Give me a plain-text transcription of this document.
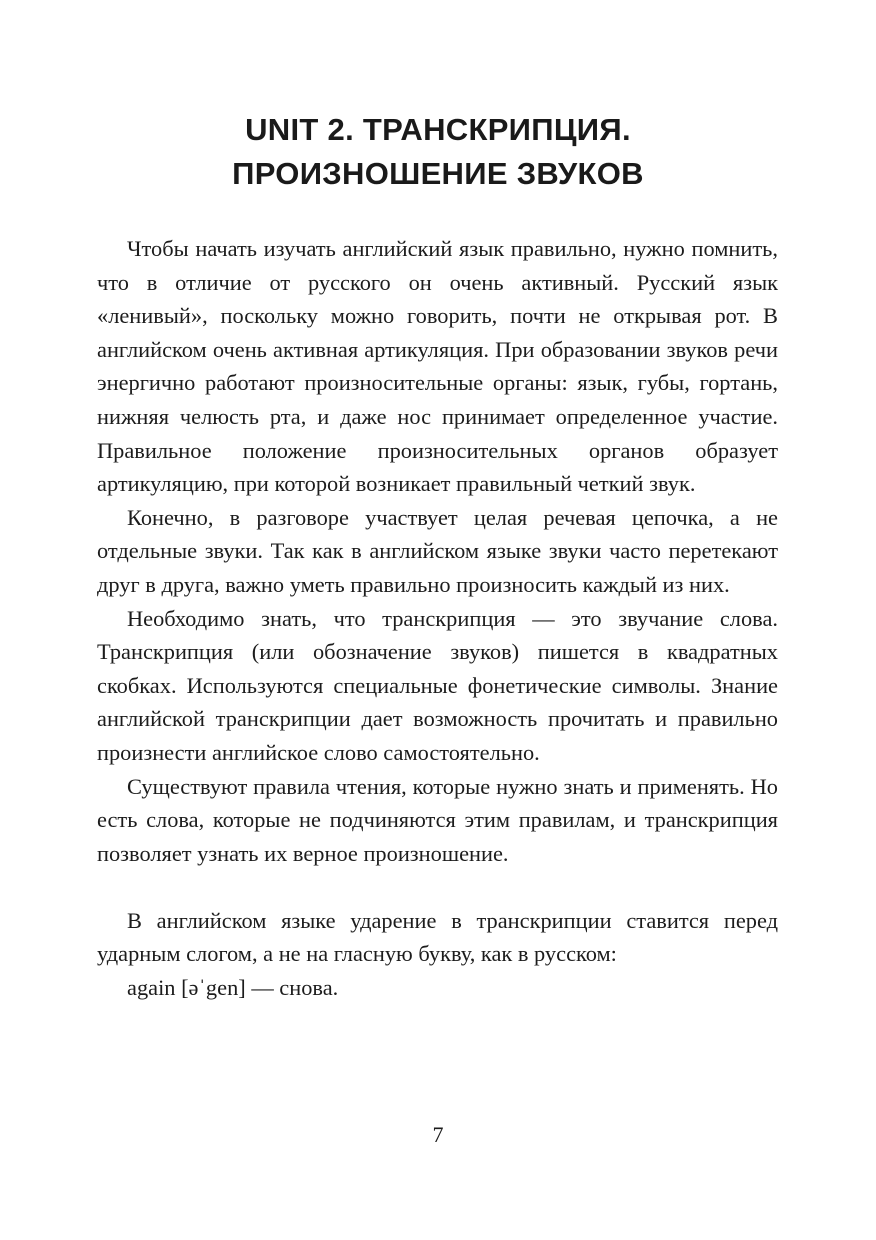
UNIT 2. ТРАНСКРИПЦИЯ.
ПРОИЗНОШЕНИЕ ЗВУКОВ

Чтобы начать изучать английский язык правильно, нужно помнить, что в отличие от русского он очень активный. Русский язык «ленивый», поскольку можно говорить, почти не открывая рот. В английском очень активная артикуляция. При образовании звуков речи энергично работают произносительные органы: язык, губы, гортань, нижняя челюсть рта, и даже нос принимает определенное участие. Правильное положение произносительных органов образует артикуляцию, при которой возникает правильный четкий звук.

Конечно, в разговоре участвует целая речевая цепочка, а не отдельные звуки. Так как в английском языке звуки часто перетекают друг в друга, важно уметь правильно произносить каждый из них.

Необходимо знать, что транскрипция — это звучание слова. Транскрипция (или обозначение звуков) пишется в квадратных скобках. Используются специальные фонетические символы. Знание английской транскрипции дает возможность прочитать и правильно произнести английское слово самостоятельно.

Существуют правила чтения, которые нужно знать и применять. Но есть слова, которые не подчиняются этим правилам, и транскрипция позволяет узнать их верное произношение.

В английском языке ударение в транскрипции ставится перед ударным слогом, а не на гласную букву, как в русском:

again [əˈgen] — снова.

7
